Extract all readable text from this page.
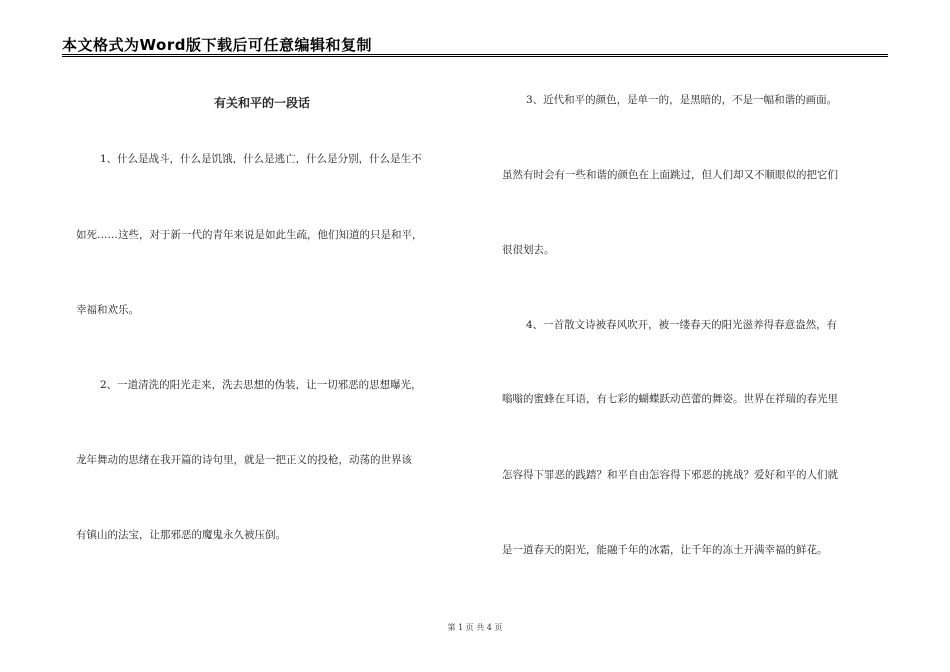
本文格式为Word版下载后可任意编辑和复制
有关和平的一段话
1、什么是战斗，什么是饥饿，什么是逃亡，什么是分别，什么是生不
如死……这些，对于新一代的青年来说是如此生疏，他们知道的只是和平，
幸福和欢乐。
2、一道清洗的阳光走来，洗去思想的伪装，让一切邪恶的思想曝光，
龙年舞动的思绪在我开篇的诗句里，就是一把正义的投枪，动荡的世界该
有镇山的法宝，让那邪恶的魔鬼永久被压倒。
3、近代和平的颜色，是单一的，是黑暗的，不是一幅和谐的画面。
虽然有时会有一些和谐的颜色在上面跳过，但人们却又不顺眼似的把它们
很很划去。
4、一首散文诗被春风吹开，被一缕春天的阳光滋养得春意盎然，有
嗡嗡的蜜蜂在耳语，有七彩的蝴蝶跃动芭蕾的舞姿。世界在祥瑞的春光里
怎容得下罪恶的践踏？和平自由怎容得下邪恶的挑战？爱好和平的人们就
是一道春天的阳光，能融千年的冰霜，让千年的冻土开满幸福的鲜花。
第 1 页 共 4 页
